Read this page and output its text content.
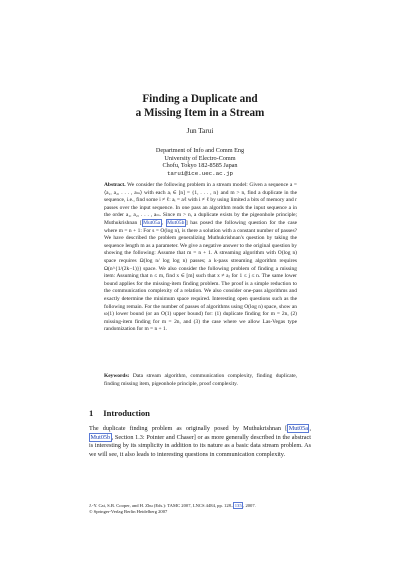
Finding a Duplicate and
a Missing Item in a Stream
Jun Tarui
Department of Info and Comm Eng
University of Electro-Comm
Chofu, Tokyo 182-8585 Japan
tarui@ice.uec.ac.jp

Abstract. We consider the following problem in a stream model: Given a sequence a = ⟨a₁, a₂, . . . , aₘ⟩ with each aᵢ ∈ [n] = {1, . . . , n} and m > n, find a duplicate in the sequence, i.e., find some i ≠ ℓ: aᵢ = aℓ with i ≠ ℓ by using limited a bits of memory and r passes over the input sequence. In one pass an algorithm reads the input sequence a in the order a₁, a₂, . . . , aₘ. Since m > n, a duplicate exists by the pigeonhole principle; Muthukrishnan [ Mut05a , Mut05b ] has posed the following question for the case where m = n + 1: For s = O(log n), is there a solution with a constant number of passes? We have described the problem generalizing Muthukrishnan's question by taking the sequence length m as a parameter. We give a negative answer to the original question by showing the following: Assume that m = n + 1. A streaming algorithm with O(log n) space requires Ω(log n/ log log n) passes; a k-pass streaming algorithm requires Ω(n^{1/(2k−1)}) space. We also consider the following problem of finding a missing item: Assuming that n ≤ m, find x ∈ [m] such that x ≠ aⱼ for 1 ≤ j ≤ n. The same lower bound applies for the missing-item finding problem. The proof is a simple reduction to the communication complexity of a relation. We also consider one-pass algorithms and exactly determine the minimum space required. Interesting open questions such as the following remain. For the number of passes of algorithms using O(log n) space, show an ω(1) lower bound (or an O(1) upper bound) for: (1) duplicate finding for m = 2n, (2) missing-item finding for m = 2n, and (3) the case where we allow Las-Vegas type randomization for m = n + 1.

Keywords: Data stream algorithm, communication complexity, finding duplicate, finding missing item, pigeonhole principle, proof complexity.
1 Introduction
The duplicate finding problem as originally posed by Muthukrishnan [ Mut05a , Mut05b , Section 1.3: Pointer and Chaser] or as more generally described in the abstract is interesting by its simplicity in addition to its nature as a basic data stream problem. As we will see, it also leads to interesting questions in communication complexity.
J.-Y. Cai, S.B. Cooper, and H. Zhu (Eds.): TAMC 2007, LNCS 4484, pp. 128– 135 , 2007.
© Springer-Verlag Berlin Heidelberg 2007
